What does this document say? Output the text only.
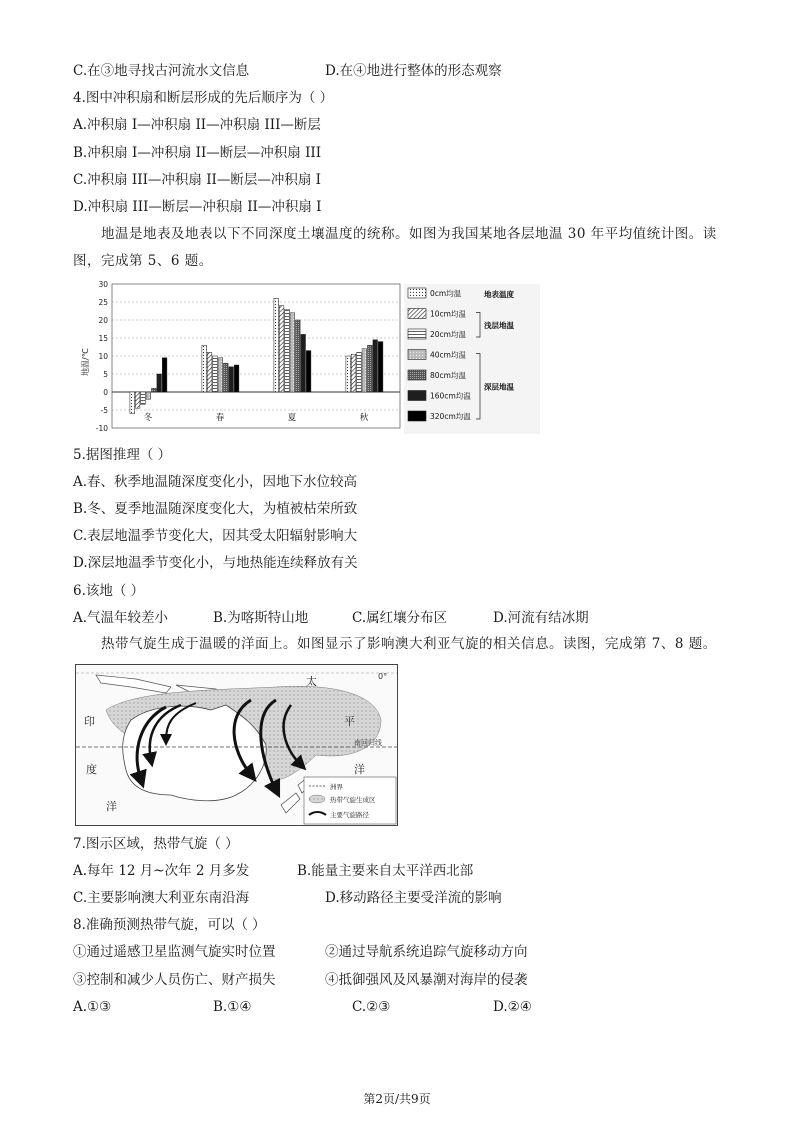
C.在③地寻找古河流水文信息	D.在④地进行整体的形态观察
4.图中冲积扇和断层形成的先后顺序为（ ）
A.冲积扇 I—冲积扇 II—冲积扇 III—断层
B.冲积扇 I—冲积扇 II—断层—冲积扇 III
C.冲积扇 III—冲积扇 II—断层—冲积扇 I
D.冲积扇 III—断层—冲积扇 II—冲积扇 I
地温是地表及地表以下不同深度土壤温度的统称。如图为我国某地各层地温 30 年平均值统计图。读图，完成第 5、6 题。
30
25
20
15
10
5
0
-5
-10
地温/℃
冬	春	夏	秋
0cm均温
10cm均温
20cm均温
40cm均温
80cm均温
160cm均温
320cm均温
地表温度
浅层地温
深层地温
5.据图推理（ ）
A.春、秋季地温随深度变化小，因地下水位较高
B.冬、夏季地温随深度变化大，为植被枯荣所致
C.表层地温季节变化大，因其受太阳辐射影响大
D.深层地温季节变化小，与地热能连续释放有关
6.该地（ ）
A.气温年较差小	B.为喀斯特山地	C.属红壤分布区	D.河流有结冰期
热带气旋生成于温暖的洋面上。如图显示了影响澳大利亚气旋的相关信息。读图，完成第 7、8 题。
0°
南回归线
印
度
洋
太
平
洋
洲界
热带气旋生成区
主要气旋路径
7.图示区域，热带气旋（ ）
A.每年 12 月~次年 2 月多发	B.能量主要来自太平洋西北部
C.主要影响澳大利亚东南沿海	D.移动路径主要受洋流的影响
8.准确预测热带气旋，可以（ ）
①通过遥感卫星监测气旋实时位置	②通过导航系统追踪气旋移动方向
③控制和减少人员伤亡、财产损失	④抵御强风及风暴潮对海岸的侵袭
A.①③	B.①④	C.②③	D.②④
第2页/共9页
